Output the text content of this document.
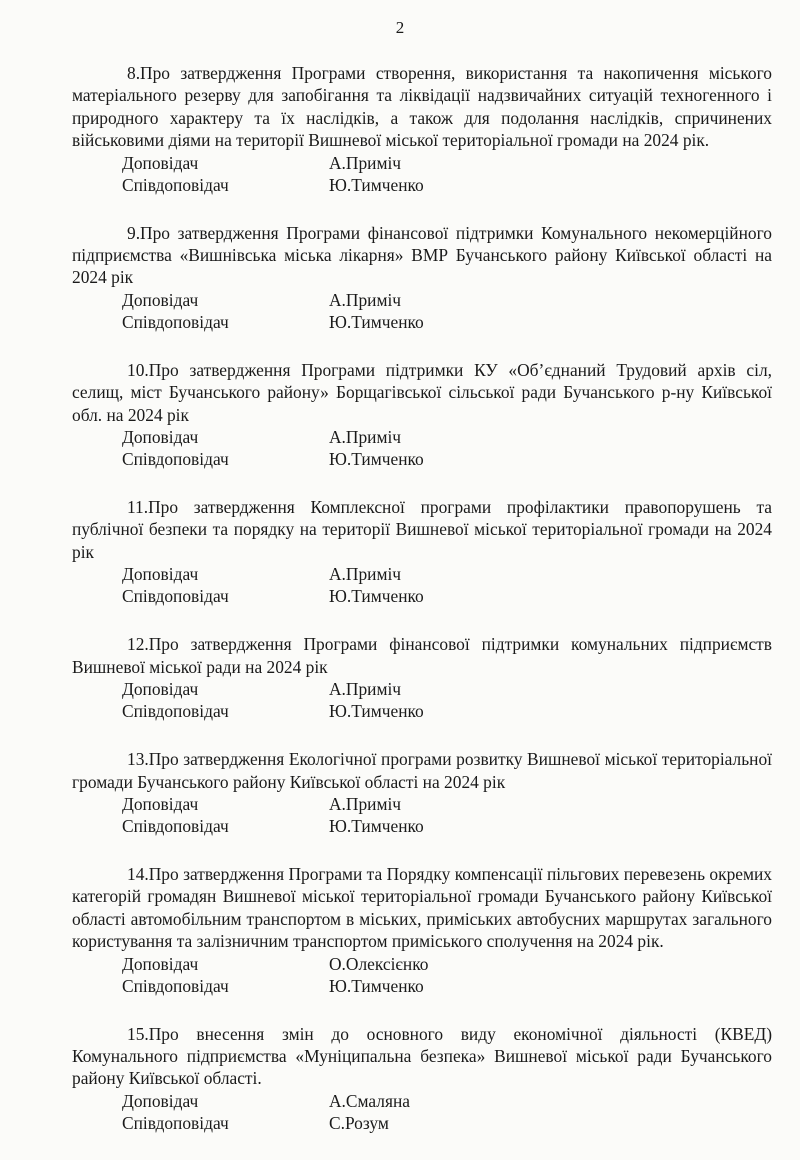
2

8.Про затвердження Програми створення, використання та накопичення міського матеріального резерву для запобігання та ліквідації надзвичайних ситуацій техногенного і природного характеру та їх наслідків, а також для подолання наслідків, спричинених військовими діями на території Вишневої міської територіальної громади на 2024 рік.

Доповідач	А.Приміч
Співдоповідач	Ю.Тимченко

9.Про затвердження Програми фінансової підтримки Комунального некомерційного підприємства «Вишнівська міська лікарня» ВМР Бучанського району Київської області на 2024 рік

Доповідач	А.Приміч
Співдоповідач	Ю.Тимченко

10.Про затвердження Програми підтримки КУ «Об’єднаний Трудовий архів сіл, селищ, міст Бучанського району» Борщагівської сільської ради Бучанського р-ну Київської обл. на 2024 рік

Доповідач	А.Приміч
Співдоповідач	Ю.Тимченко

11.Про затвердження Комплексної програми профілактики правопорушень та публічної безпеки та порядку на території Вишневої міської територіальної громади на 2024 рік

Доповідач	А.Приміч
Співдоповідач	Ю.Тимченко

12.Про затвердження Програми фінансової підтримки комунальних підприємств Вишневої міської ради на 2024 рік

Доповідач	А.Приміч
Співдоповідач	Ю.Тимченко

13.Про затвердження Екологічної програми розвитку Вишневої міської територіальної громади Бучанського району Київської області на 2024 рік

Доповідач	А.Приміч
Співдоповідач	Ю.Тимченко

14.Про затвердження Програми та Порядку компенсації пільгових перевезень окремих категорій громадян Вишневої міської територіальної громади Бучанського району Київської області автомобільним транспортом в міських, приміських автобусних маршрутах загального користування та залізничним транспортом приміського сполучення на 2024 рік.

Доповідач	О.Олексієнко
Співдоповідач	Ю.Тимченко

15.Про внесення змін до основного виду економічної діяльності (КВЕД) Комунального підприємства «Муніципальна безпека» Вишневої міської ради Бучанського району Київської області.

Доповідач	А.Смаляна
Співдоповідач	С.Розум
